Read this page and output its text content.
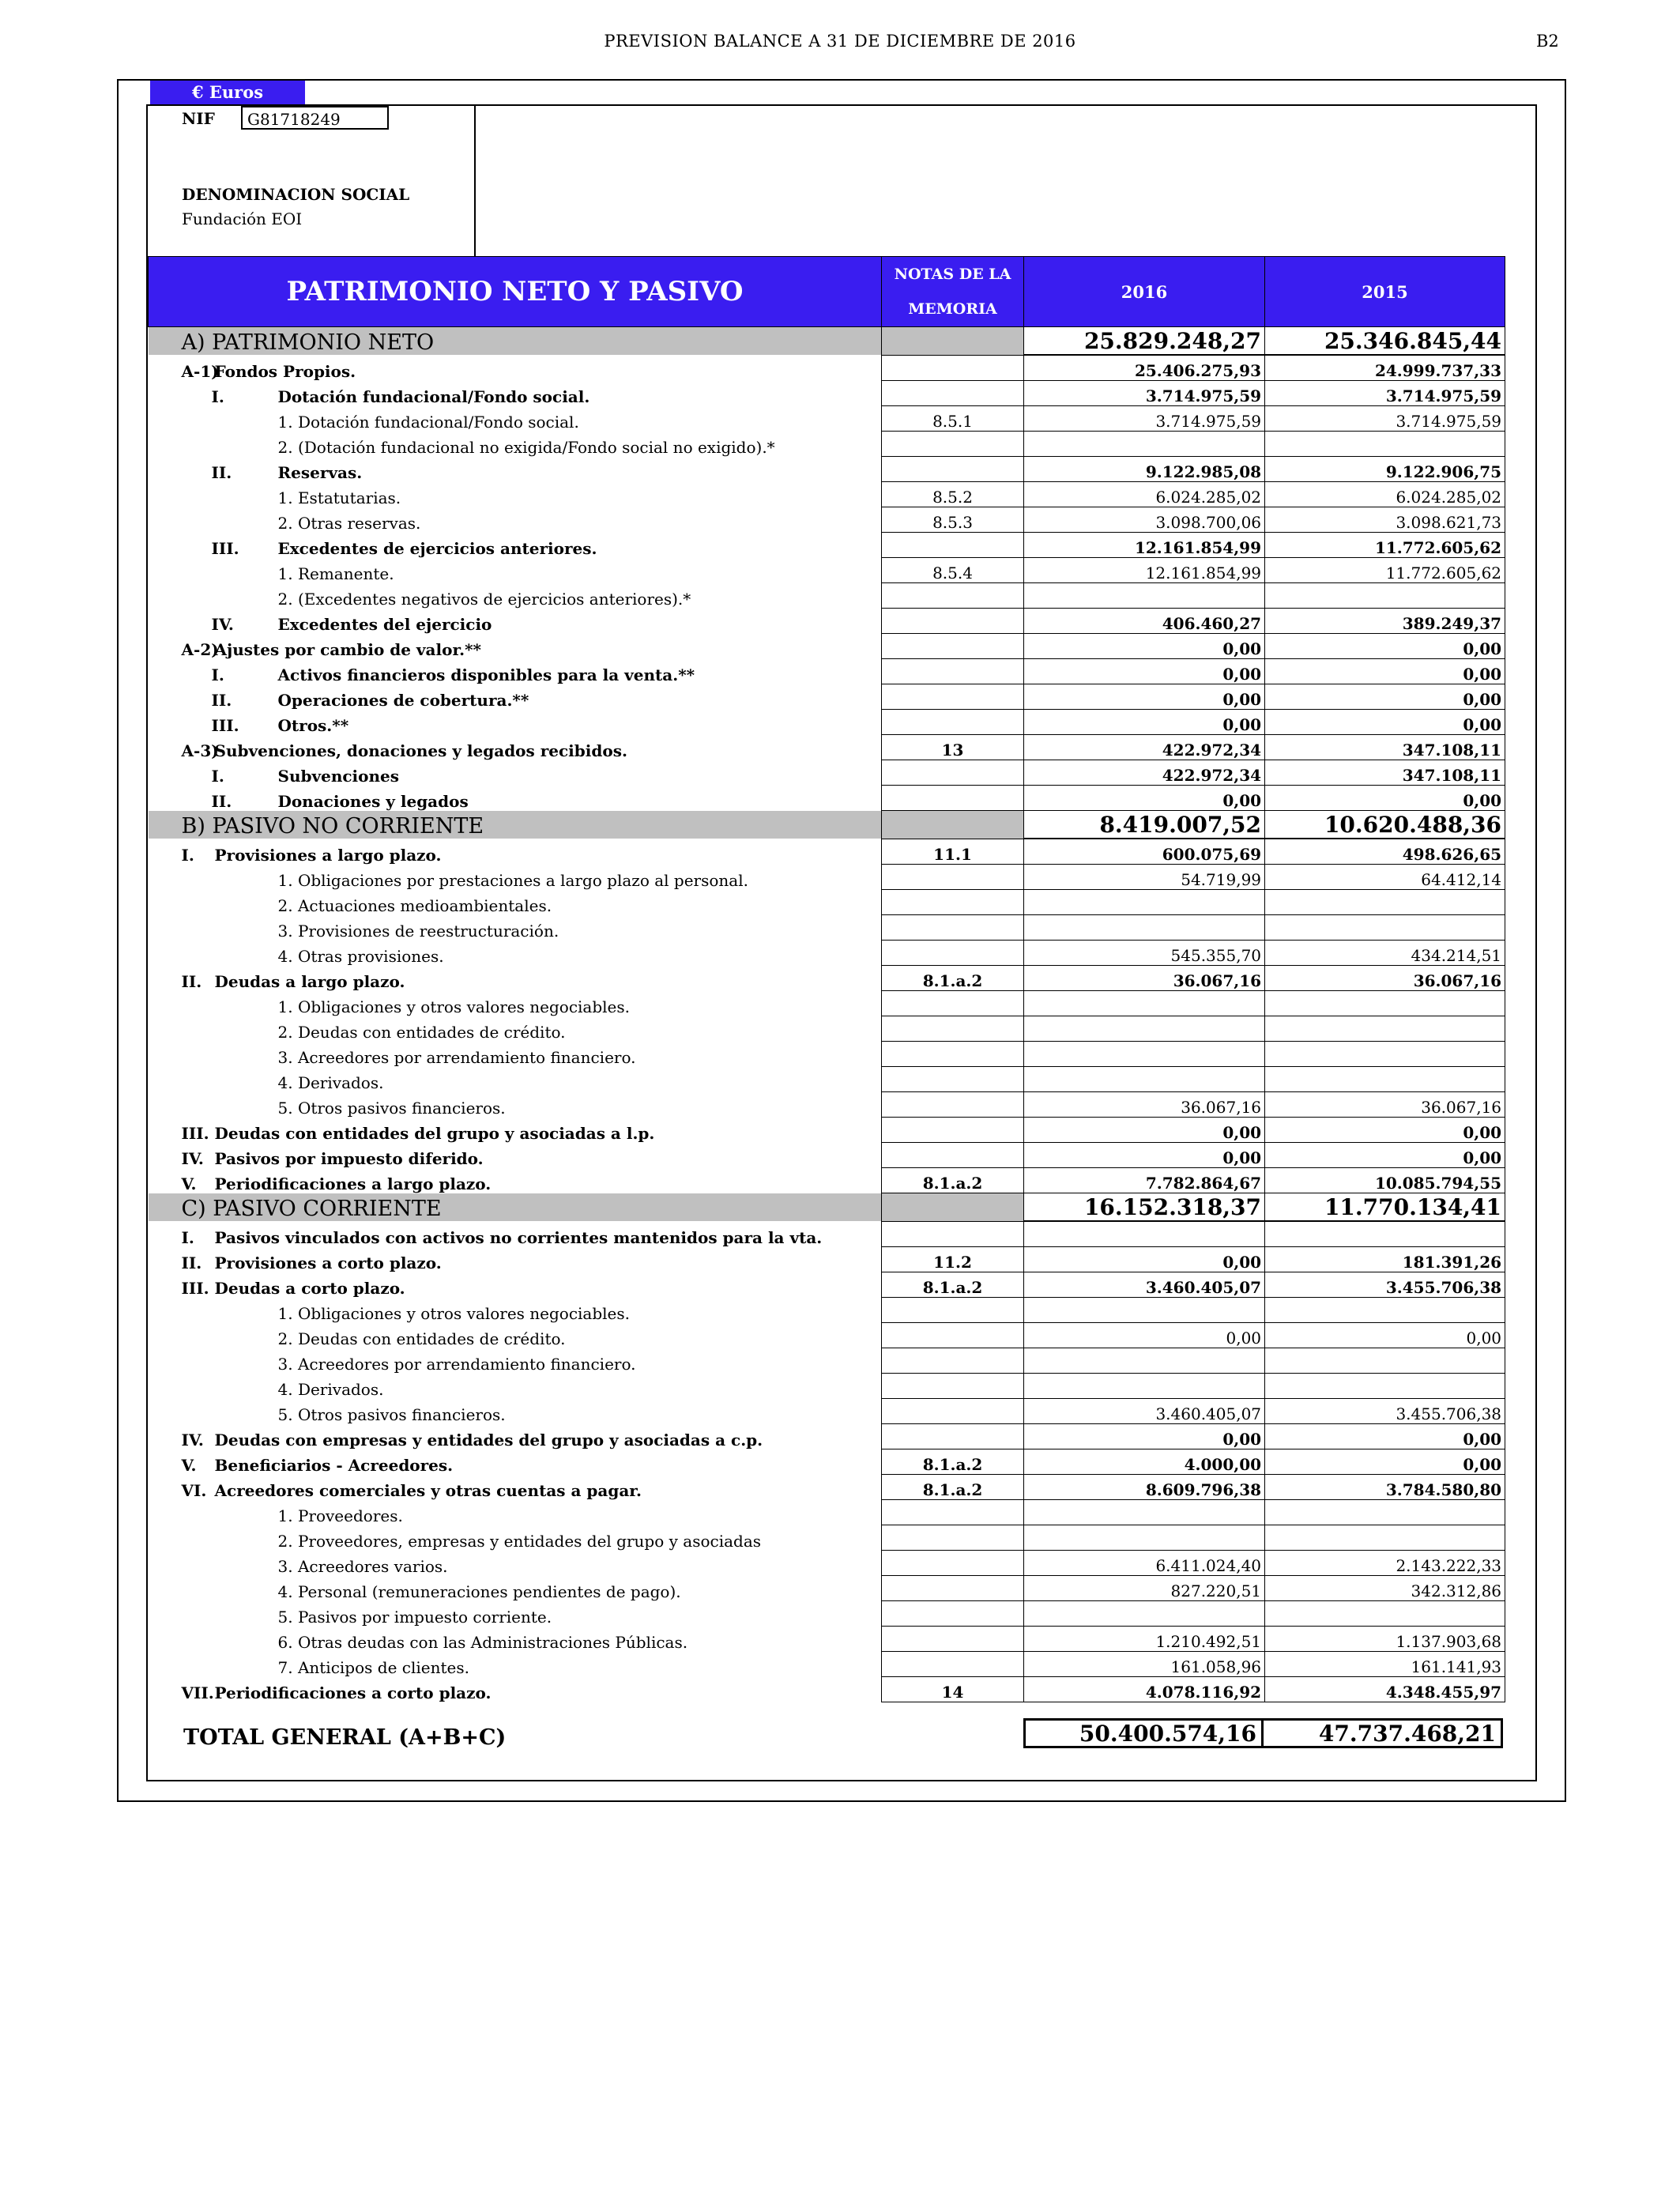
PREVISION BALANCE A 31 DE DICIEMBRE DE 2016	B2
€ Euros
NIF	G81718249
DENOMINACION SOCIAL
Fundación EOI
PATRIMONIO NETO Y PASIVO			NOTAS DE LA MEMORIA	2016	2015
A) PATRIMONIO NETO				25.829.248,27	25.346.845,44
A-1)	Fondos Propios.			25.406.275,93	24.999.737,33
	I.	Dotación fundacional/Fondo social.		3.714.975,59	3.714.975,59
		1. Dotación fundacional/Fondo social.	8.5.1	3.714.975,59	3.714.975,59
		2. (Dotación fundacional no exigida/Fondo social no exigido).*			
	II.	Reservas.		9.122.985,08	9.122.906,75
		1. Estatutarias.	8.5.2	6.024.285,02	6.024.285,02
		2. Otras reservas.	8.5.3	3.098.700,06	3.098.621,73
	III.	Excedentes de ejercicios anteriores.		12.161.854,99	11.772.605,62
		1. Remanente.	8.5.4	12.161.854,99	11.772.605,62
		2. (Excedentes negativos de ejercicios anteriores).*			
	IV.	Excedentes del ejercicio		406.460,27	389.249,37
A-2)	Ajustes por cambio de valor.**			0,00	0,00
	I.	Activos financieros disponibles para la venta.**		0,00	0,00
	II.	Operaciones de cobertura.**		0,00	0,00
	III.	Otros.**		0,00	0,00
A-3)	Subvenciones, donaciones y legados recibidos.		13	422.972,34	347.108,11
	I.	Subvenciones		422.972,34	347.108,11
	II.	Donaciones y legados		0,00	0,00
B) PASIVO NO CORRIENTE				8.419.007,52	10.620.488,36
I.	Provisiones a largo plazo.		11.1	600.075,69	498.626,65
		1. Obligaciones por prestaciones a largo plazo al personal.		54.719,99	64.412,14
		2. Actuaciones medioambientales.			
		3. Provisiones de reestructuración.			
		4. Otras provisiones.		545.355,70	434.214,51
II.	Deudas a largo plazo.		8.1.a.2	36.067,16	36.067,16
		1. Obligaciones y otros valores negociables.			
		2. Deudas con entidades de crédito.			
		3. Acreedores por arrendamiento financiero.			
		4. Derivados.			
		5. Otros pasivos financieros.		36.067,16	36.067,16
III.	Deudas con entidades del grupo y asociadas a l.p.			0,00	0,00
IV.	Pasivos por impuesto diferido.			0,00	0,00
V.	Periodificaciones a largo plazo.		8.1.a.2	7.782.864,67	10.085.794,55
C) PASIVO CORRIENTE				16.152.318,37	11.770.134,41
I.	Pasivos vinculados con activos no corrientes mantenidos para la vta.				
II.	Provisiones a corto plazo.		11.2	0,00	181.391,26
III.	Deudas a corto plazo.		8.1.a.2	3.460.405,07	3.455.706,38
		1. Obligaciones y otros valores negociables.			
		2. Deudas con entidades de crédito.		0,00	0,00
		3. Acreedores por arrendamiento financiero.			
		4. Derivados.			
		5. Otros pasivos financieros.		3.460.405,07	3.455.706,38
IV.	Deudas con empresas y entidades del grupo y asociadas a c.p.			0,00	0,00
V.	Beneficiarios - Acreedores.		8.1.a.2	4.000,00	0,00
VI.	Acreedores comerciales y otras cuentas a pagar.		8.1.a.2	8.609.796,38	3.784.580,80
		1. Proveedores.			
		2. Proveedores, empresas y entidades del grupo y asociadas			
		3. Acreedores varios.		6.411.024,40	2.143.222,33
		4. Personal (remuneraciones pendientes de pago).		827.220,51	342.312,86
		5. Pasivos por impuesto corriente.			
		6. Otras deudas con las Administraciones Públicas.		1.210.492,51	1.137.903,68
		7. Anticipos de clientes.		161.058,96	161.141,93
VII.	Periodificaciones a corto plazo.		14	4.078.116,92	4.348.455,97
TOTAL GENERAL (A+B+C)	50.400.574,16	47.737.468,21
